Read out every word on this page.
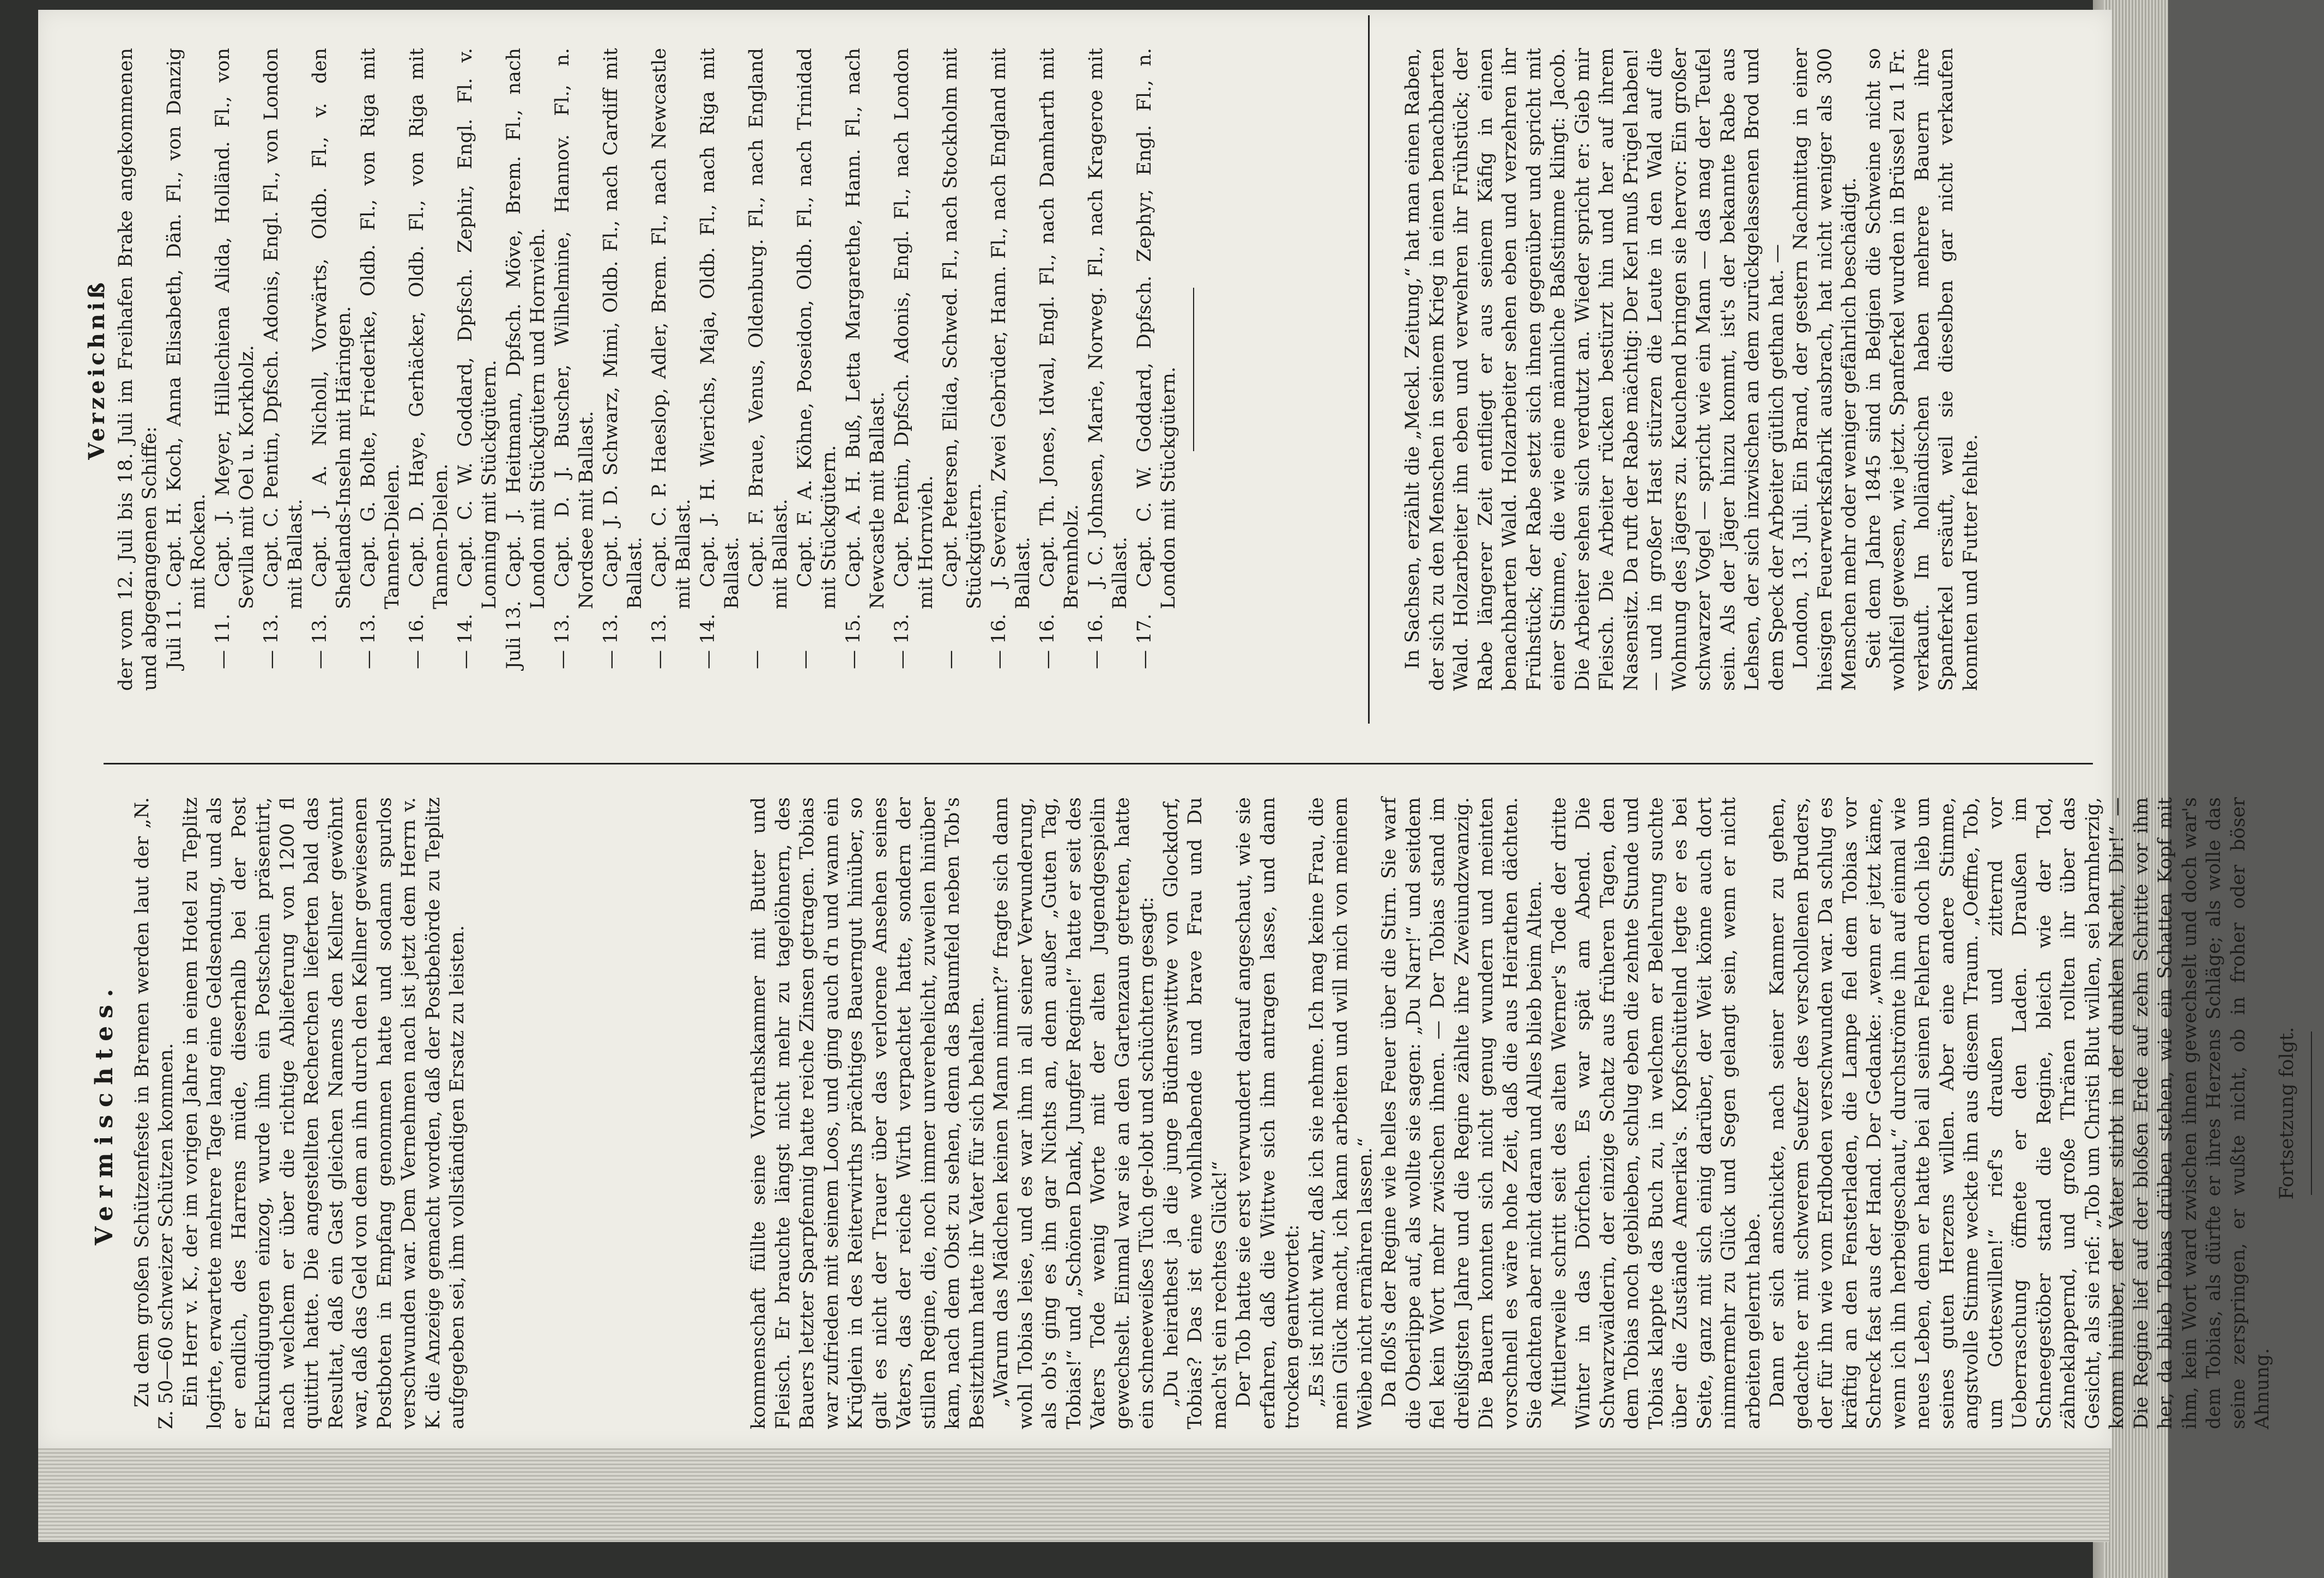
kommenschaft füllte seine Vorrathskammer mit Butter und Fleisch. Er brauchte längst nicht mehr zu tagelöhnern, des Bauers letzter Sparpfennig hatte reiche Zinsen getragen. Tobias war zufrieden mit seinem Loos, und ging auch d'n und wann ein Krüglein in des Reiterwirths prächtiges Bauerngut hinüber, so galt es nicht der Trauer über das verlorene Ansehen seines Vaters, das der reiche Wirth verpachtet hatte, sondern der stillen Regine, die, noch immer unverehelicht, zuweilen hinüber kam, nach dem Obst zu sehen, denn das Baumfeld neben Tob's Besitzthum hatte ihr Vater für sich behalten. „Warum das Mädchen keinen Mann nimmt?“ fragte sich dann wohl Tobias leise, und es war ihm in all seiner Verwunderung, als ob's ging es ihn gar Nichts an, denn außer „Guten Tag, Tobias!“ und „Schönen Dank, Jungfer Regine!“ hatte er seit des Vaters Tode wenig Worte mit der alten Jugendgespielin gewechselt. Einmal war sie an den Gartenzaun getreten, hatte ein schneeweißes Tüch ge-lobt und schüchtern gesagt: „Du heirathest ja die junge Büdnerswittwe von Glockdorf, Tobias? Das ist eine wohlhabende und brave Frau und Du mach'st ein rechtes Glück!“ Der Tob hatte sie erst verwundert darauf angeschaut, wie sie erfahren, daß die Wittwe sich ihm antragen lasse, und dann trocken geantwortet: „Es ist nicht wahr, daß ich sie nehme. Ich mag keine Frau, die mein Glück macht, ich kann arbeiten und will mich von meinem Weibe nicht ernähren lassen.“ Da floß's der Regine wie helles Feuer über die Stirn. Sie warf die Oberlippe auf, als wollte sie sagen: „Du Narr!“ und seitdem fiel kein Wort mehr zwischen ihnen. — Der Tobias stand im dreißigsten Jahre und die Regine zählte ihre Zweiundzwanzig. Die Bauern konnten sich nicht genug wundern und meinten vorschnell es wäre hohe Zeit, daß die aus Heirathen dächten. Sie dachten aber nicht daran und Alles blieb beim Alten. Mittlerweile schritt seit des alten Werner's Tode der dritte Winter in das Dörfchen. Es war spät am Abend. Die Schwarzwälderin, der einzige Schatz aus früheren Tagen, den dem Tobias noch geblieben, schlug eben die zehnte Stunde und Tobias klappte das Buch zu, in welchem er Belehrung suchte über die Zustände Amerika's. Kopfschüttelnd legte er es bei Seite, ganz mit sich einig darüber, der Weit könne auch dort nimmermehr zu Glück und Segen gelangt sein, wenn er nicht arbeiten gelernt habe. Dann er sich anschickte, nach seiner Kammer zu gehen, gedachte er mit schwerem Seufzer des verschollenen Bruders, der für ihn wie vom Erdboden verschwunden war. Da schlug es kräftig an den Fensterladen, die Lampe fiel dem Tobias vor Schreck fast aus der Hand. Der Gedanke: „wenn er jetzt käme, wenn ich ihn herbeigeschaut,“ durchströmte ihn auf einmal wie neues Leben, denn er hatte bei all seinen Fehlern doch lieb um seines guten Herzens willen. Aber eine andere Stimme, angstvolle Stimme weckte ihn aus diesem Traum. „Oeffne, Tob, um Gotteswillen!“ rief's draußen und zitternd vor Ueberraschung öffnete er den Laden. Draußen im Schneegestöber stand die Regine, bleich wie der Tod, zähneklappernd, und große Thränen rollten ihr über das Gesicht, als sie rief: „Tob um Christi Blut willen, sei barmherzig, komm hinüber, der Vater stirbt in der dunklen Nacht, Dir!“ — Die Regine lief auf der bloßen Erde auf zehn Schritte vor ihm her, da blieb Tobias drüben stehen, wie ein Schatten Kopf mit ihm, kein Wort ward zwischen ihnen gewechselt und doch war's dem Tobias, als dürfte er ihres Herzens Schläge; als wolle das seine zerspringen, er wußte nicht, ob in froher oder böser Ahnung.

Fortsetzung folgt.

Vermischtes. Zu dem großen Schützenfeste in Bremen werden laut der „N. Z. 50—60 schweizer Schützen kommen. Ein Herr v. K., der im vorigen Jahre in einem Hotel zu Teplitz logirte, erwartete mehrere Tage lang eine Geldsendung, und als er endlich, des Harrens müde, dieserhalb bei der Post Erkundigungen einzog, wurde ihm ein Postschein präsentirt, nach welchem er über die richtige Ablieferung von 1200 fl quittirt hatte. Die angestellten Recherchen lieferten bald das Resultat, daß ein Gast gleichen Namens den Kellner gewöhnt war, daß das Geld von dem an ihn durch den Kellner gewiesenen Postboten in Empfang genommen hatte und sodann spurlos verschwunden war. Dem Vernehmen nach ist jetzt dem Herrn v. K. die Anzeige gemacht worden, daß der Postbehörde zu Teplitz aufgegeben sei, ihm vollständigen Ersatz zu leisten.

In Sachsen, erzählt die „Meckl. Zeitung,“ hat man einen Raben, der sich zu den Menschen in seinem Krieg in einen benachbarten Wald. Holzarbeiter ihn eben und verwehren ihr Frühstück; der Rabe längerer Zeit entfliegt er aus seinem Käfig in einen benachbarten Wald. Holzarbeiter sehen eben und verzehren ihr Frühstück; der Rabe setzt sich ihnen gegenüber und spricht mit einer Stimme, die wie eine männliche Baßstimme klingt: Jacob. Die Arbeiter sehen sich verdutzt an. Wieder spricht er: Gieb mir Fleisch. Die Arbeiter rücken bestürzt hin und her auf ihrem Nasensitz. Da ruft der Rabe mächtig: Der Kerl muß Prügel haben! — und in großer Hast stürzen die Leute in den Wald auf die Wohnung des Jägers zu. Keuchend bringen sie hervor: Ein großer schwarzer Vogel — spricht wie ein Mann — das mag der Teufel sein. Als der Jäger hinzu kommt, ist's der bekannte Rabe aus Lehsen, der sich inzwischen an dem zurückgelassenen Brod und dem Speck der Arbeiter gütlich gethan hat. — London, 13. Juli. Ein Brand, der gestern Nachmittag in einer hiesigen Feuerwerksfabrik ausbrach, hat nicht weniger als 300 Menschen mehr oder weniger gefährlich beschädigt. Seit dem Jahre 1845 sind in Belgien die Schweine nicht so wohlfeil gewesen, wie jetzt. Spanferkel wurden in Brüssel zu 1 Fr. verkauft. Im holländischen haben mehrere Bauern ihre Spanferkel ersäuft, weil sie dieselben gar nicht verkaufen konnten und Futter fehlte.

Verzeichniß der vom 12. Juli bis 18. Juli im Freihafen Brake angekommenen und abgegangenen Schiffe: Juli 11.
Capt. H. Koch, Anna Elisabeth, Dän. Fl., von Danzig mit Rocken.

— 11.
Capt. J. Meyer, Hillechiena Alida, Holländ. Fl., von Sevilla mit Oel u. Korkholz.

— 13.
Capt. C. Pentin, Dpfsch. Adonis, Engl. Fl., von London mit Ballast.

— 13.
Capt. J. A. Nicholl, Vorwärts, Oldb. Fl., v. den Shetlands-Inseln mit Häringen.

— 13.
Capt. G. Bolte, Friederike, Oldb. Fl., von Riga mit Tannen-Dielen.

— 16.
Capt. D. Haye, Gerhäcker, Oldb. Fl., von Riga mit Tannen-Dielen.

— 14.
Capt. C. W. Goddard, Dpfsch. Zephir, Engl. Fl. v. Lonning mit Stückgütern.

Juli 13.
Capt. J. Heitmann, Dpfsch. Möve, Brem. Fl., nach London mit Stückgütern und Hornvieh.

— 13.
Capt. D. J. Buscher, Wilhelmine, Hannov. Fl., n. Nordsee mit Ballast.

— 13.
Capt. J. D. Schwarz, Mimi, Oldb. Fl., nach Cardiff mit Ballast.

— 13.
Capt. C. P. Haeslop, Adler, Brem. Fl., nach Newcastle mit Ballast.

— 14.
Capt. J. H. Wierichs, Maja, Oldb. Fl., nach Riga mit Ballast.

—
Capt. F. Braue, Venus, Oldenburg. Fl., nach England mit Ballast.

—
Capt. F. A. Köhne, Poseidon, Oldb. Fl., nach Trinidad mit Stückgütern.

— 15.
Capt. A. H. Buß, Letta Margarethe, Hann. Fl., nach Newcastle mit Ballast.

— 13.
Capt. Pentin, Dpfsch. Adonis, Engl. Fl., nach London mit Hornvieh.

—
Capt. Petersen, Elida, Schwed. Fl., nach Stockholm mit Stückgütern.

— 16.
J. Severin, Zwei Gebrüder, Hann. Fl., nach England mit Ballast.

— 16.
Capt. Th. Jones, Idwal, Engl. Fl., nach Damharth mit Brennholz.

— 16.
J. C. Johnsen, Marie, Norweg. Fl., nach Krageroe mit Ballast.

— 17.
Capt. C. W. Goddard, Dpfsch. Zephyr, Engl. Fl., n. London mit Stückgütern.
